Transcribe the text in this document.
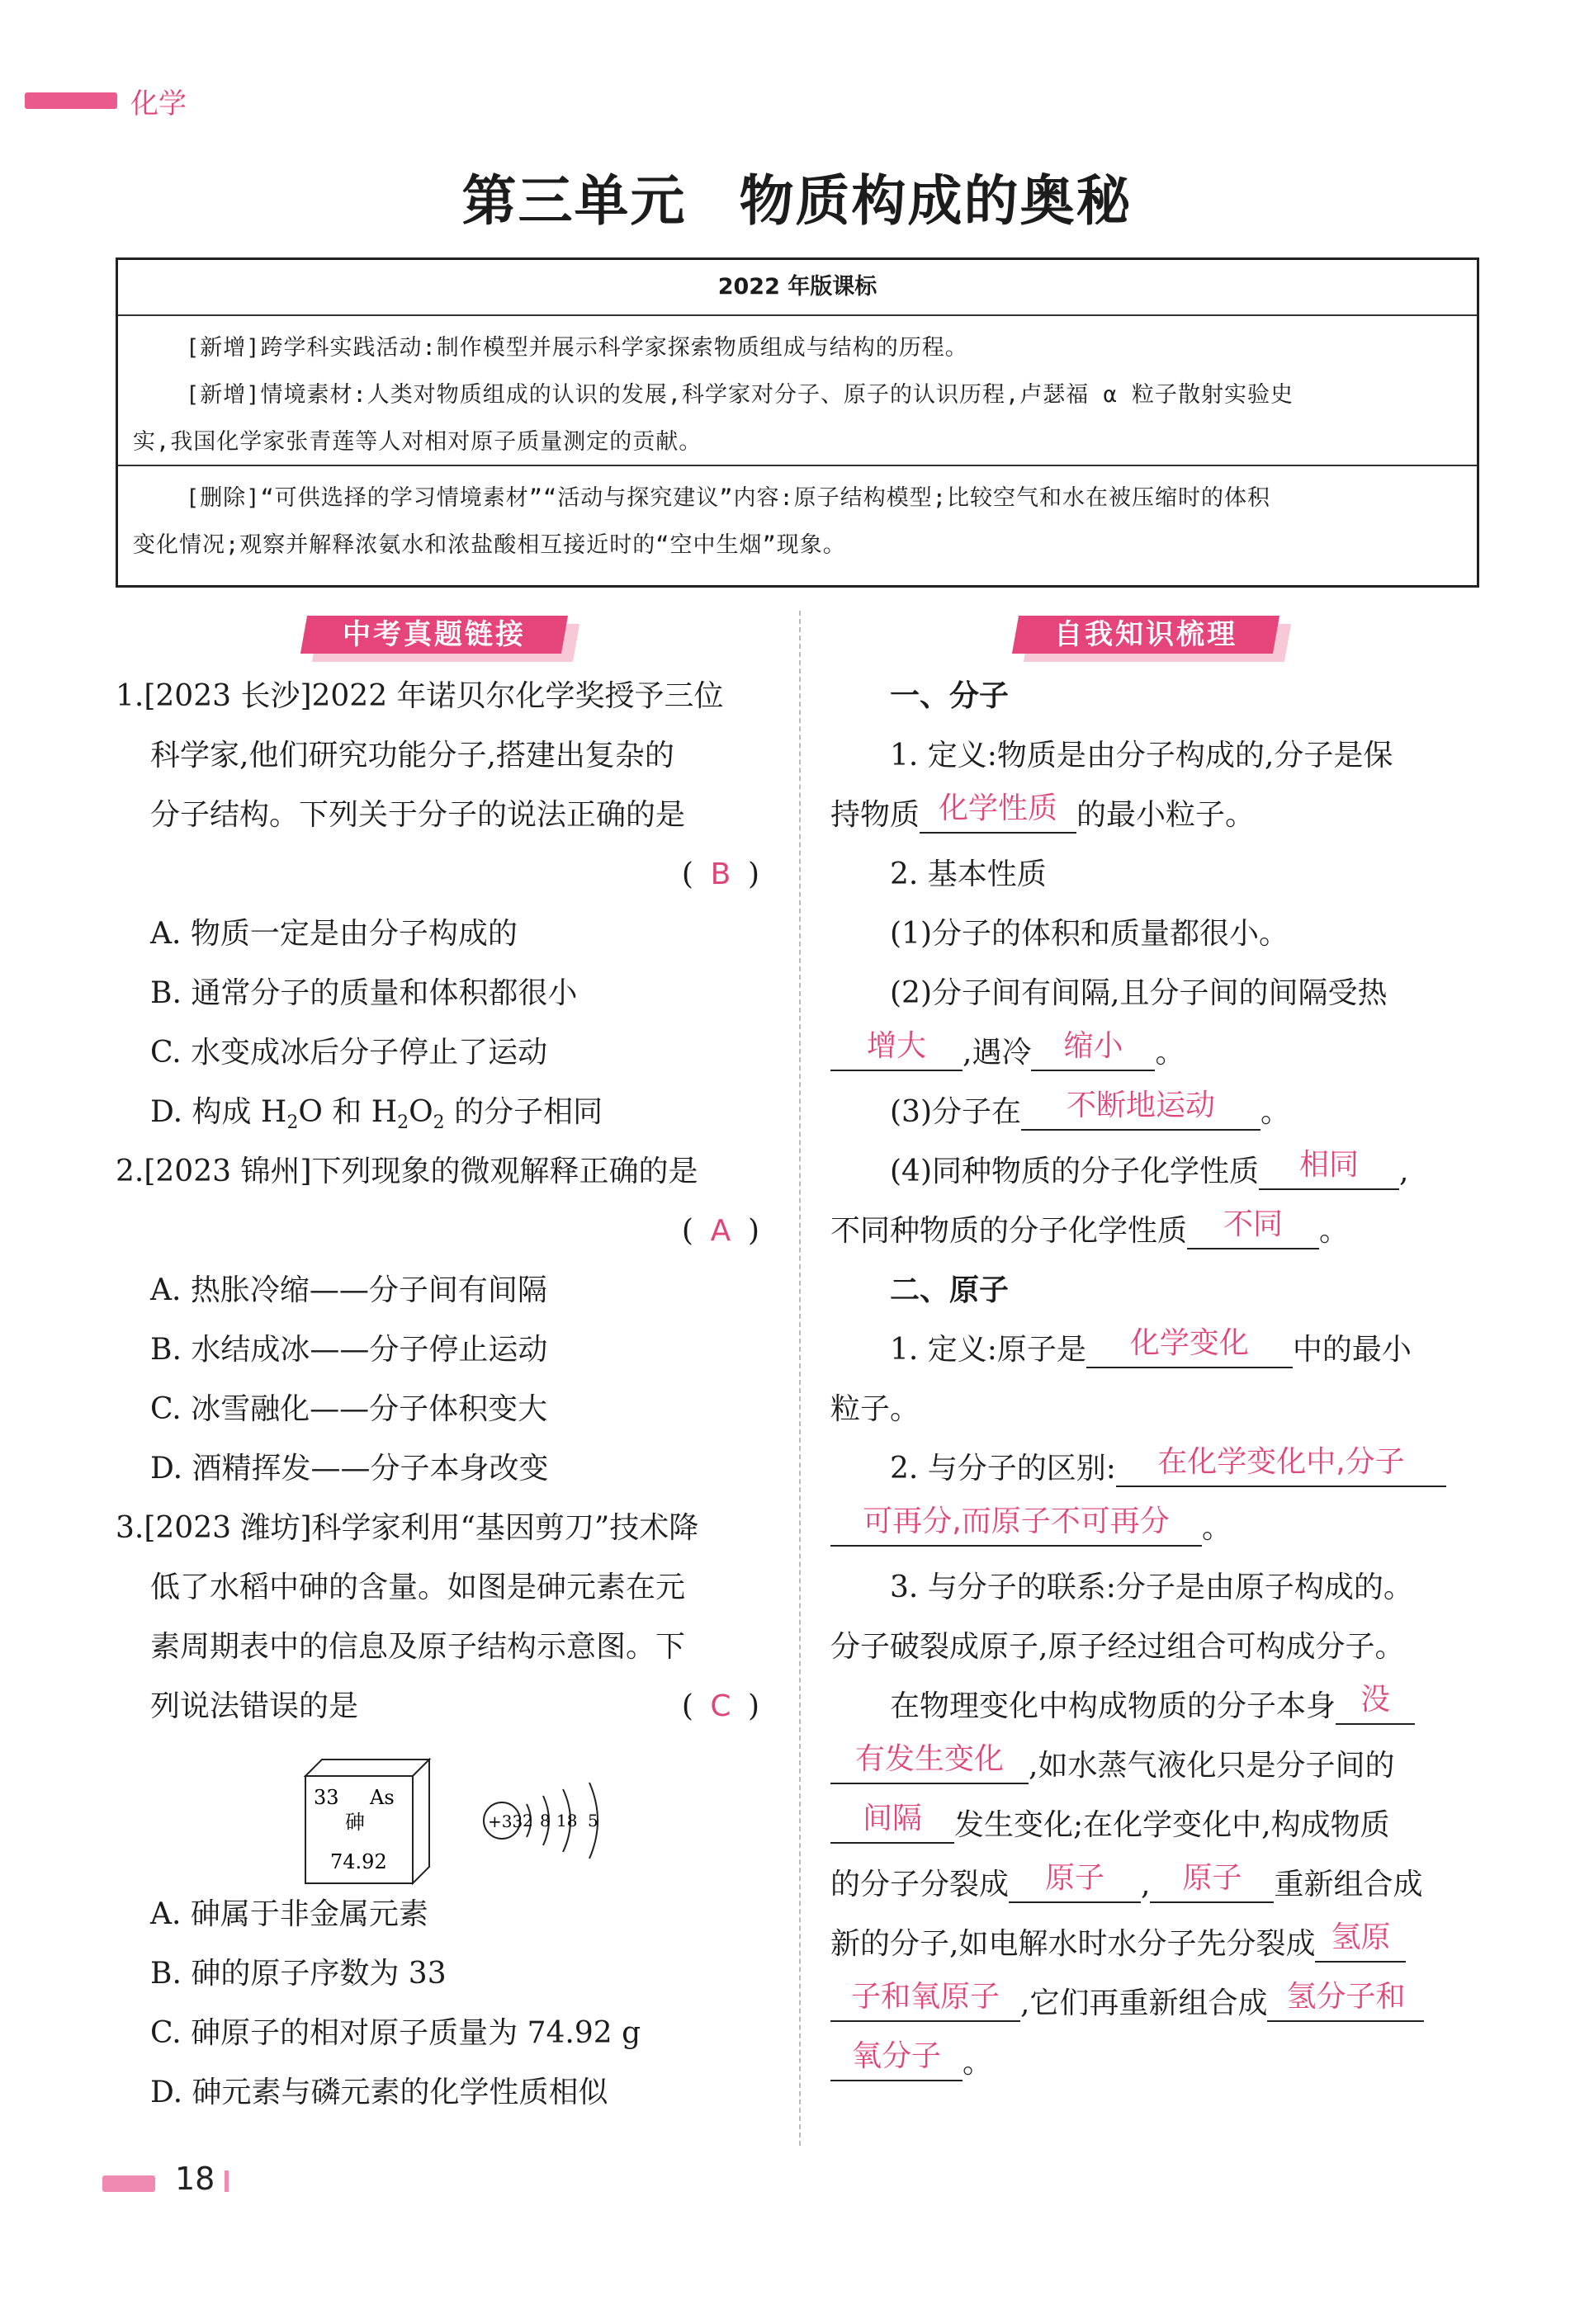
化学
第三单元 物质构成的奥秘
2022 年版课标
[新增]跨学科实践活动:制作模型并展示科学家探索物质组成与结构的历程。
[新增]情境素材:人类对物质组成的认识的发展,科学家对分子、原子的认识历程,卢瑟福 α 粒子散射实验史
实,我国化学家张青莲等人对相对原子质量测定的贡献。
[删除]“可供选择的学习情境素材”“活动与探究建议”内容:原子结构模型;比较空气和水在被压缩时的体积
变化情况;观察并解释浓氨水和浓盐酸相互接近时的“空中生烟”现象。
中考真题链接	自我知识梳理
1.[2023 长沙]2022 年诺贝尔化学奖授予三位
科学家,他们研究功能分子,搭建出复杂的
分子结构。下列关于分子的说法正确的是
( B )
A. 物质一定是由分子构成的
B. 通常分子的质量和体积都很小
C. 水变成冰后分子停止了运动
D. 构成 $H_2O$ 和 $H_2O_2$ 的分子相同
2.[2023 锦州]下列现象的微观解释正确的是
( A )
A. 热胀冷缩——分子间有间隔
B. 水结成冰——分子停止运动
C. 冰雪融化——分子体积变大
D. 酒精挥发——分子本身改变
3.[2023 潍坊]科学家利用“基因剪刀”技术降
低了水稻中砷的含量。如图是砷元素在元
素周期表中的信息及原子结构示意图。下
列说法错误的是	( C )
A. 砷属于非金属元素
B. 砷的原子序数为 33
C. 砷原子的相对原子质量为 74.92 g
D. 砷元素与磷元素的化学性质相似
33 As
砷
74.92
+33 2 8 18 5
一、分子
1. 定义:物质是由分子构成的,分子是保
持物质 化学性质 的最小粒子。
2. 基本性质
(1)分子的体积和质量都很小。
(2)分子间有间隔,且分子间的间隔受热
增大 ,遇冷 缩小 。
(3)分子在 不断地运动 。
(4)同种物质的分子化学性质 相同 ,
不同种物质的分子化学性质 不同 。
二、原子
1. 定义:原子是 化学变化 中的最小
粒子。
2. 与分子的区别: 在化学变化中,分子
可再分,而原子不可再分 。
3. 与分子的联系:分子是由原子构成的。
分子破裂成原子,原子经过组合可构成分子。
在物理变化中构成物质的分子本身 没
有发生变化 ,如水蒸气液化只是分子间的
间隔 发生变化;在化学变化中,构成物质
的分子分裂成 原子 , 原子 重新组合成
新的分子,如电解水时水分子先分裂成 氢原
子和氧原子 ,它们再重新组合成 氢分子和
氧分子 。
18
